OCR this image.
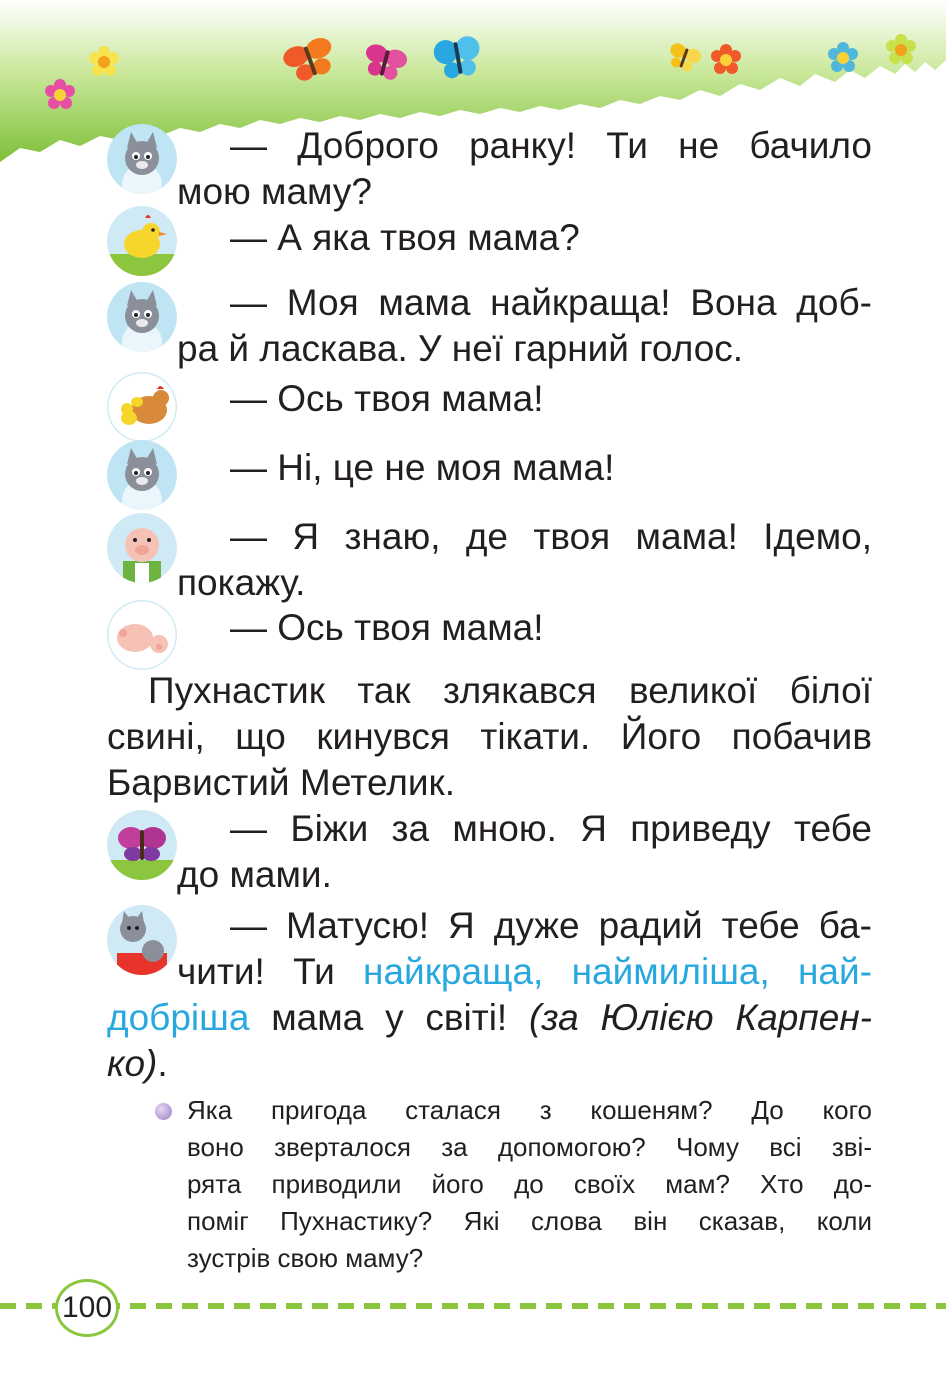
— Доброго ранку! Ти не бачило
мою маму?
— А яка твоя мама?
— Моя мама найкраща! Вона доб-
ра й ласкава. У неї гарний голос.
— Ось твоя мама!
— Ні, це не моя мама!
— Я знаю, де твоя мама! Ідемо,
покажу.
— Ось твоя мама!
Пухнастик так злякався великої білої
свині, що кинувся тікати. Його побачив
Барвистий Метелик.
— Біжи за мною. Я приведу тебе
до мами.
— Матусю! Я дуже радий тебе ба-
чити! Ти найкраща, наймиліша, най-
добріша мама у світі! (за Юлією Карпен-
ко).
Яка пригода сталася з кошеням? До кого
воно зверталося за допомогою? Чому всі зві-
рята приводили його до своїх мам? Хто до-
поміг Пухнастику? Які слова він сказав, коли
зустрів свою маму?
100
